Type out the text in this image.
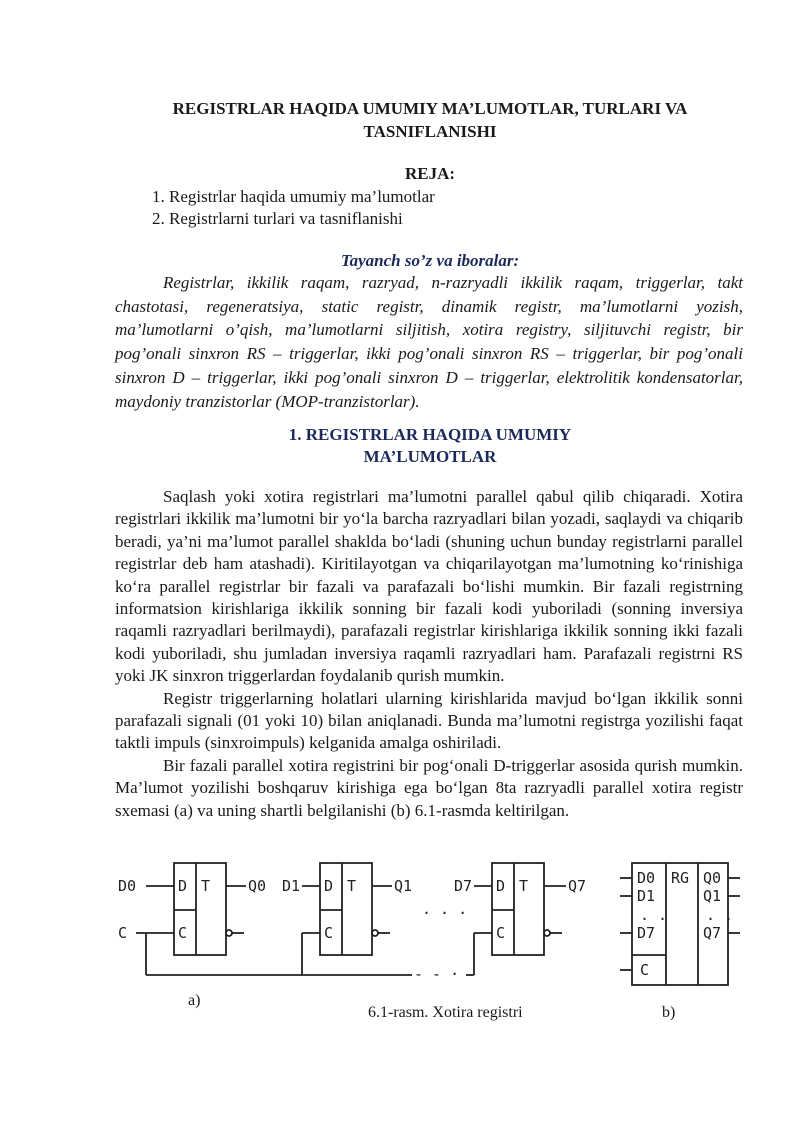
REGISTRLAR HAQIDA UMUMIY MA’LUMOTLAR, TURLARI VA TASNIFLANISHI
REJA:
1. Registrlar haqida umumiy ma’lumotlar
2. Registrlarni turlari va tasniflanishi
Tayanch so’z va iboralar:

Registrlar, ikkilik raqam, razryad, n-razryadli ikkilik raqam, triggerlar, takt chastotasi, regeneratsiya, static registr, dinamik registr, ma’lumotlarni yozish, ma’lumotlarni o’qish, ma’lumotlarni siljitish, xotira registry, siljituvchi registr, bir pog’onali sinxron RS – triggerlar, ikki pog’onali sinxron RS – triggerlar, bir pog’onali sinxron D – triggerlar, ikki pog’onali sinxron D – triggerlar, elektrolitik kondensatorlar, maydoniy tranzistorlar (MOP-tranzistorlar).

1. REGISTRLAR HAQIDA UMUMIY
MA’LUMOTLAR

Saqlash yoki xotira registrlari ma’lumotni parallel qabul qilib chiqaradi. Xotira registrlari ikkilik ma’lumotni bir yo‘la barcha razryadlari bilan yozadi, saqlaydi va chiqarib beradi, ya’ni ma’lumot parallel shaklda bo‘ladi (shuning uchun bunday registrlarni parallel registrlar deb ham atashadi). Kiritilayotgan va chiqarilayotgan ma’lumotning ko‘rinishiga ko‘ra parallel registrlar bir fazali va parafazali bo‘lishi mumkin. Bir fazali registrning informatsion kirishlariga ikkilik sonning bir fazali kodi yuboriladi (sonning inversiya raqamli razryadlari berilmaydi), parafazali registrlar kirishlariga ikkilik sonning ikki fazali kodi yuboriladi, shu jumladan inversiya raqamli razryadlari ham. Parafazali registrni RS yoki JK sinxron triggerlardan foydalanib qurish mumkin.

Registr triggerlarning holatlari ularning kirishlarida mavjud bo‘lgan ikkilik sonni parafazali signali (01 yoki 10) bilan aniqlanadi. Bunda ma’lumotni registrga yozilishi faqat taktli impuls (sinxroimpuls) kelganida amalga oshiriladi.

Bir fazali parallel xotira registrini bir pog‘onali D-triggerlar asosida qurish mumkin. Ma’lumot yozilishi boshqaruv kirishiga ega bo‘lgan 8ta razryadli parallel xotira registr sxemasi (a) va uning shartli belgilanishi (b) 6.1-rasmda keltirilgan.

D0
C
D T
C
Q0 D1 D T
C
Q1	D7 D T
C
Q7
· · ·
- - ·
D0
D1
. .
D7
RG Q0
Q1
. .
Q7
C
a)
6.1-rasm. Xotira registri	b)
